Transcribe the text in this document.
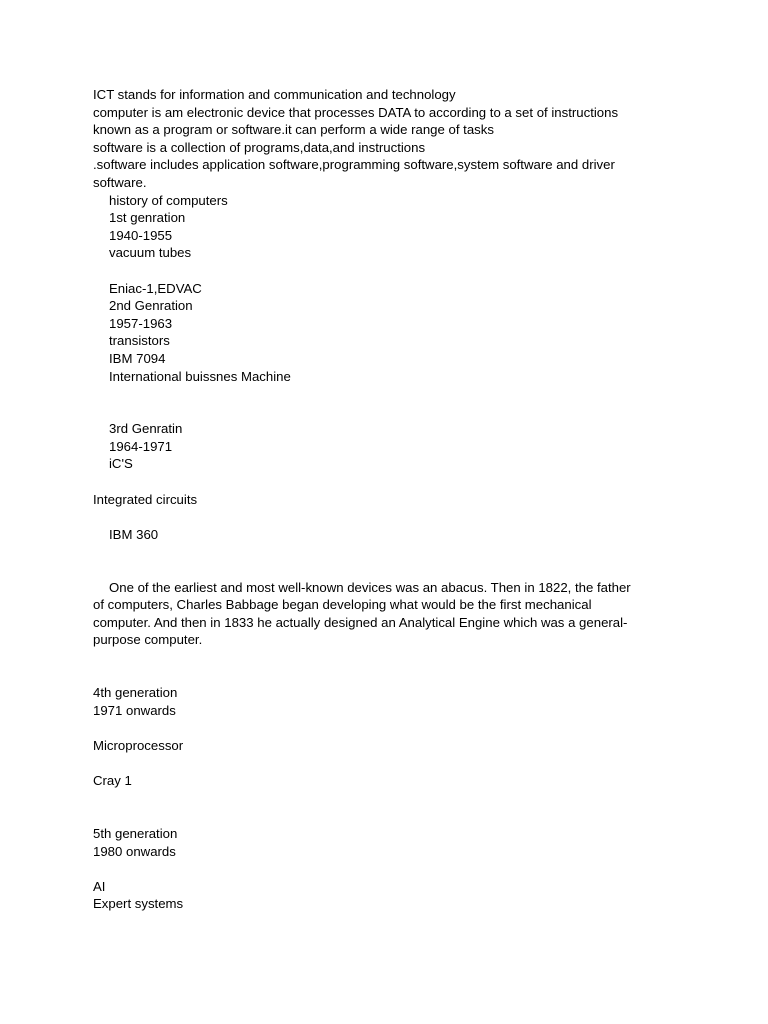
ICT stands for information and communication and technology
computer is am electronic device that processes DATA to according to a set of instructions
known as a program or software.it can perform a wide range of tasks
software is a collection of programs,data,and instructions
.software includes application software,programming software,system software and driver
software.
history of computers
1st genration
1940-1955
vacuum tubes
Eniac-1,EDVAC
2nd Genration
1957-1963
transistors
IBM 7094
International buissnes Machine
3rd Genratin
1964-1971
iC'S
Integrated circuits
IBM 360
One of the earliest and most well-known devices was an abacus. Then in 1822, the father
of computers, Charles Babbage began developing what would be the first mechanical
computer. And then in 1833 he actually designed an Analytical Engine which was a general-
purpose computer.
4th generation
1971 onwards
Microprocessor
Cray 1
5th generation
1980 onwards
AI
Expert systems
